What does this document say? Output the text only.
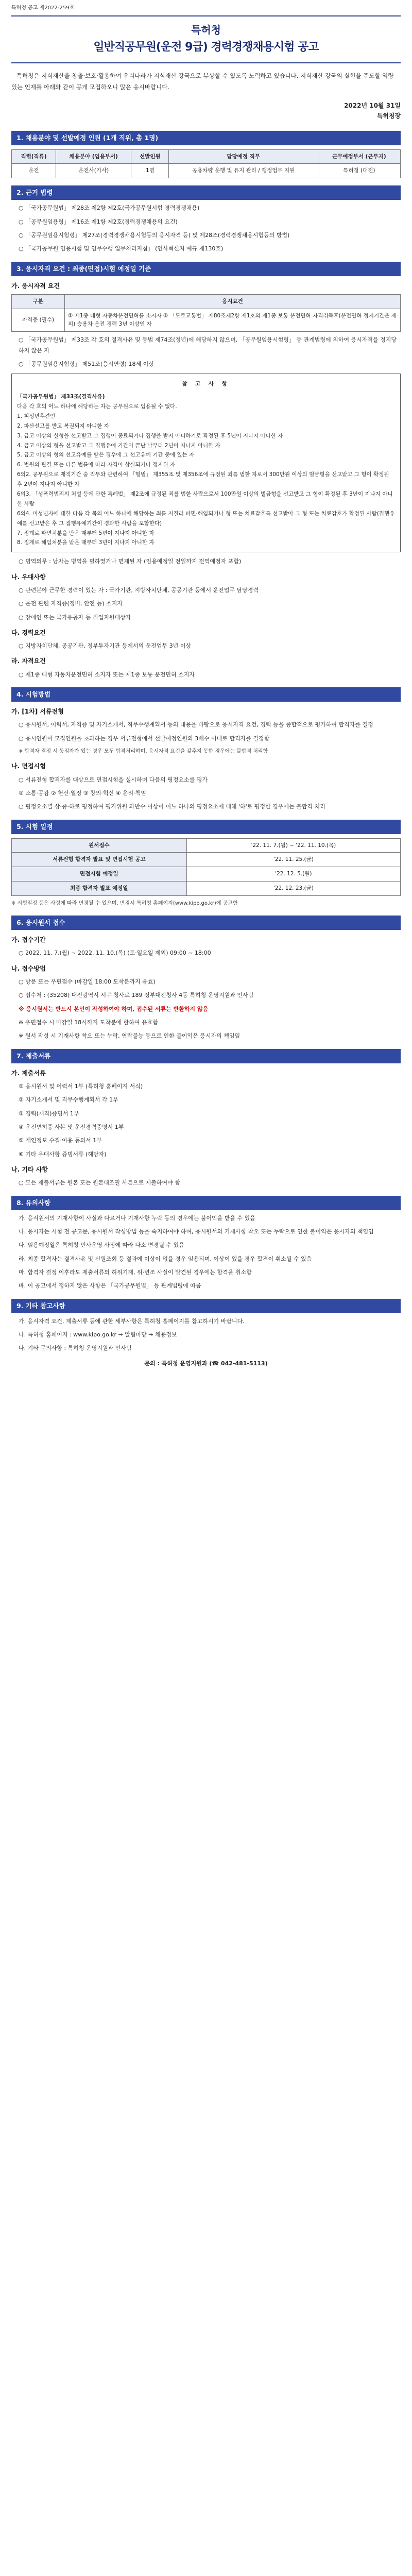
특허청 공고 제2022-259호
특허청
일반직공무원(운전 9급) 경력경쟁채용시험 공고

특허청은 지식재산을 창출·보호·활용하여 우리나라가 지식재산 강국으로 부상할 수 있도록 노력하고 있습니다. 지식재산 강국의 실현을 주도할 역량 있는 인재를 아래와 같이 공개 모집하오니 많은 응시바랍니다.

2022년 10월 31일
특허청장
1. 채용분야 및 선발예정 인원 (1개 직위, 총 1명)
직렬(직류)	채용분야 (임용부서)	선발인원	담당예정 직무	근무예정부서 (근무지)
운전	운전사(기사)	1명	공용차량 운행 및 유지 관리 / 행정업무 지원	특허청 (대전)
2. 근거 법령

○ 「국가공무원법」 제28조 제2항 제2호(국가공무원시험 경력경쟁채용)

○ 「공무원임용령」 제16조 제1항 제2호(경력경쟁채용의 요건)

○ 「공무원임용시험령」 제27조(경력경쟁채용시험등의 응시자격 등) 및 제28조(경력경쟁채용시험등의 방법)

○ 「국가공무원 임용시험 및 임무수행 업무처리지침」 (인사혁신처 예규 제130호)

3. 응시자격 요건 : 최종(면접)시험 예정일 기준
가. 응시자격 요건
구분	응시요건
자격증 (필수)	① 제1종 대형 자동차운전면허를 소지자 ② 「도로교통법」 제80조제2항 제1호의 제1종 보통 운전면허 자격취득후(운전면허 정지기간은 제외) 승용차 운전 경력 3년 이상인 자

○ 「국가공무원법」 제33조 각 호의 결격사유 및 동법 제74조(정년)에 해당하지 않으며, 「공무원임용시험령」 등 관계법령에 의하여 응시자격을 정지당하지 않은 자

○ 「공무원임용시험령」 제51조(응시연령) 18세 이상

참 고 사 항
「국가공무원법」 제33조(결격사유)
다음 각 호의 어느 하나에 해당하는 자는 공무원으로 임용될 수 없다.
1. 피성년후견인
2. 파산선고를 받고 복권되지 아니한 자
3. 금고 이상의 실형을 선고받고 그 집행이 종료되거나 집행을 받지 아니하기로 확정된 후 5년이 지나지 아니한 자
4. 금고 이상의 형을 선고받고 그 집행유예 기간이 끝난 날부터 2년이 지나지 아니한 자
5. 금고 이상의 형의 선고유예를 받은 경우에 그 선고유예 기간 중에 있는 자
6. 법원의 판결 또는 다른 법률에 따라 자격이 상실되거나 정지된 자
6의2. 공무원으로 재직기간 중 직무와 관련하여 「형법」 제355조 및 제356조에 규정된 죄를 범한 자로서 300만원 이상의 벌금형을 선고받고 그 형이 확정된 후 2년이 지나지 아니한 자
6의3. 「성폭력범죄의 처벌 등에 관한 특례법」 제2조에 규정된 죄를 범한 사람으로서 100만원 이상의 벌금형을 선고받고 그 형이 확정된 후 3년이 지나지 아니한 사람
6의4. 미성년자에 대한 다음 각 목의 어느 하나에 해당하는 죄를 저질러 파면·해임되거나 형 또는 치료감호를 선고받아 그 형 또는 치료감호가 확정된 사람(집행유예를 선고받은 후 그 집행유예기간이 경과한 사람을 포함한다)
7. 징계로 파면처분을 받은 때부터 5년이 지나지 아니한 자
8. 징계로 해임처분을 받은 때부터 3년이 지나지 아니한 자

○ 병역의무 : 남자는 병역을 필하였거나 면제된 자 (임용예정일 전일까지 전역예정자 포함)

나. 우대사항

○ 관련분야 근무한 경력이 있는 자 : 국가기관, 지방자치단체, 공공기관 등에서 운전업무 담당경력

○ 운전 관련 자격증(정비, 안전 등) 소지자

○ 장애인 또는 국가유공자 등 취업지원대상자

다. 경력요건

○ 지방자치단체, 공공기관, 정부투자기관 등에서의 운전업무 3년 이상

라. 자격요건

○ 제1종 대형 자동차운전면허 소지자 또는 제1종 보통 운전면허 소지자

4. 시험방법
가. [1차] 서류전형

○ 응시원서, 이력서, 자격증 및 자기소개서, 직무수행계획서 등의 내용을 바탕으로 응시자격 요건, 경력 등을 종합적으로 평가하여 합격자를 결정

○ 응시인원이 모집인원을 초과하는 경우 서류전형에서 선발예정인원의 3배수 이내로 합격자를 결정함

※ 합격자 결정 시 동점자가 있는 경우 모두 합격처리하며, 응시자격 요건을 갖추지 못한 경우에는 불합격 처리함

나. 면접시험

○ 서류전형 합격자를 대상으로 면접시험을 실시하며 다음의 평정요소를 평가

① 소통·공감 ② 헌신·열정 ③ 창의·혁신 ④ 윤리·책임

○ 평정요소별 상·중·하로 평정하여 평가위원 과반수 이상이 어느 하나의 평정요소에 대해 '하'로 평정한 경우에는 불합격 처리

5. 시험 일정
원서접수	'22. 11. 7.(월) ~ '22. 11. 10.(목)
서류전형 합격자 발표 및 면접시험 공고	'22. 11. 25.(금)
면접시험 예정일	'22. 12. 5.(월)
최종 합격자 발표 예정일	'22. 12. 23.(금)

※ 시험일정 등은 사정에 따라 변경될 수 있으며, 변경시 특허청 홈페이지(www.kipo.go.kr)에 공고함

6. 응시원서 접수
가. 접수기간

○ 2022. 11. 7.(월) ~ 2022. 11. 10.(목) (토·일요일 제외) 09:00 ~ 18:00

나. 접수방법

○ 방문 또는 우편접수 (마감일 18:00 도착분까지 유효)

○ 접수처 : (35208) 대전광역시 서구 청사로 189 정부대전청사 4동 특허청 운영지원과 인사팀

※ 응시원서는 반드시 본인이 작성하여야 하며, 접수된 서류는 반환하지 않음

※ 우편접수 시 마감일 18시까지 도착분에 한하여 유효함

※ 원서 작성 시 기재사항 착오 또는 누락, 연락불능 등으로 인한 불이익은 응시자의 책임임

7. 제출서류
가. 제출서류

① 응시원서 및 이력서 1부 (특허청 홈페이지 서식)

② 자기소개서 및 직무수행계획서 각 1부

③ 경력(재직)증명서 1부

④ 운전면허증 사본 및 운전경력증명서 1부

⑤ 개인정보 수집·이용 동의서 1부

⑥ 기타 우대사항 증빙서류 (해당자)

나. 기타 사항

○ 모든 제출서류는 원본 또는 원본대조필 사본으로 제출하여야 함

8. 유의사항

가. 응시원서의 기재사항이 사실과 다르거나 기재사항 누락 등의 경우에는 불이익을 받을 수 있음

나. 응시자는 시험 전 공고문, 응시원서 작성방법 등을 숙지하여야 하며, 응시원서의 기재사항 착오 또는 누락으로 인한 불이익은 응시자의 책임임

다. 임용예정일은 특허청 인사운영 사정에 따라 다소 변경될 수 있음

라. 최종 합격자는 결격사유 및 신원조회 등 결과에 이상이 없을 경우 임용되며, 이상이 있을 경우 합격이 취소될 수 있음

마. 합격자 결정 이후라도 제출서류의 허위기재, 위·변조 사실이 발견된 경우에는 합격을 취소함

바. 이 공고에서 정하지 않은 사항은 「국가공무원법」 등 관계법령에 따름

9. 기타 참고사항

가. 응시자격 요건, 제출서류 등에 관한 세부사항은 특허청 홈페이지를 참고하시기 바랍니다.

나. 특허청 홈페이지 : www.kipo.go.kr → 알림마당 → 채용정보

다. 기타 문의사항 : 특허청 운영지원과 인사팀

문의 : 특허청 운영지원과 (☎ 042-481-5113)
